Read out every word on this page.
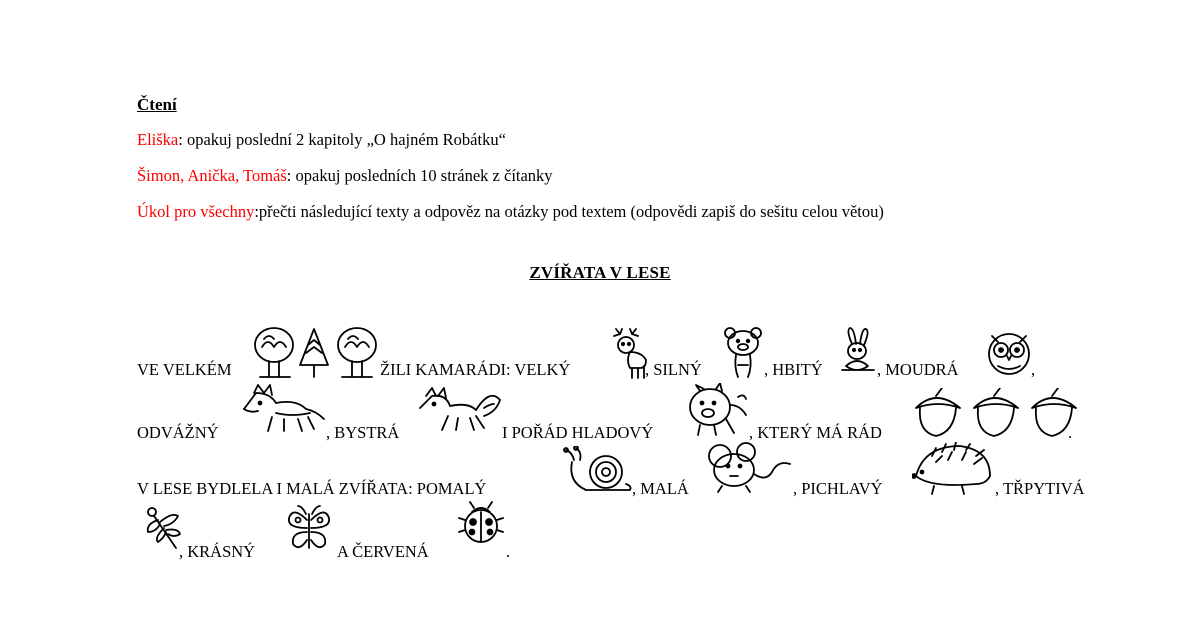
Čtení
Eliška: opakuj poslední 2 kapitoly „O hajném Robátku“
Šimon, Anička, Tomáš: opakuj posledních 10 stránek z čítanky
Úkol pro všechny:přečti následující texty a odpověz na otázky pod textem (odpovědi zapiš do sešitu celou větou)
ZVÍŘATA V LESE
VE VELKÉM	ŽILI KAMARÁDI: VELKÝ	, SILNÝ	, HBITÝ	, MOUDRÁ	,
ODVÁŽNÝ	, BYSTRÁ	I POŘÁD HLADOVÝ	, KTERÝ MÁ RÁD	.
V LESE BYDLELA I MALÁ ZVÍŘATA: POMALÝ	, MALÁ	, PICHLAVÝ	, TŘPYTIVÁ
, KRÁSNÝ	A ČERVENÁ	.
